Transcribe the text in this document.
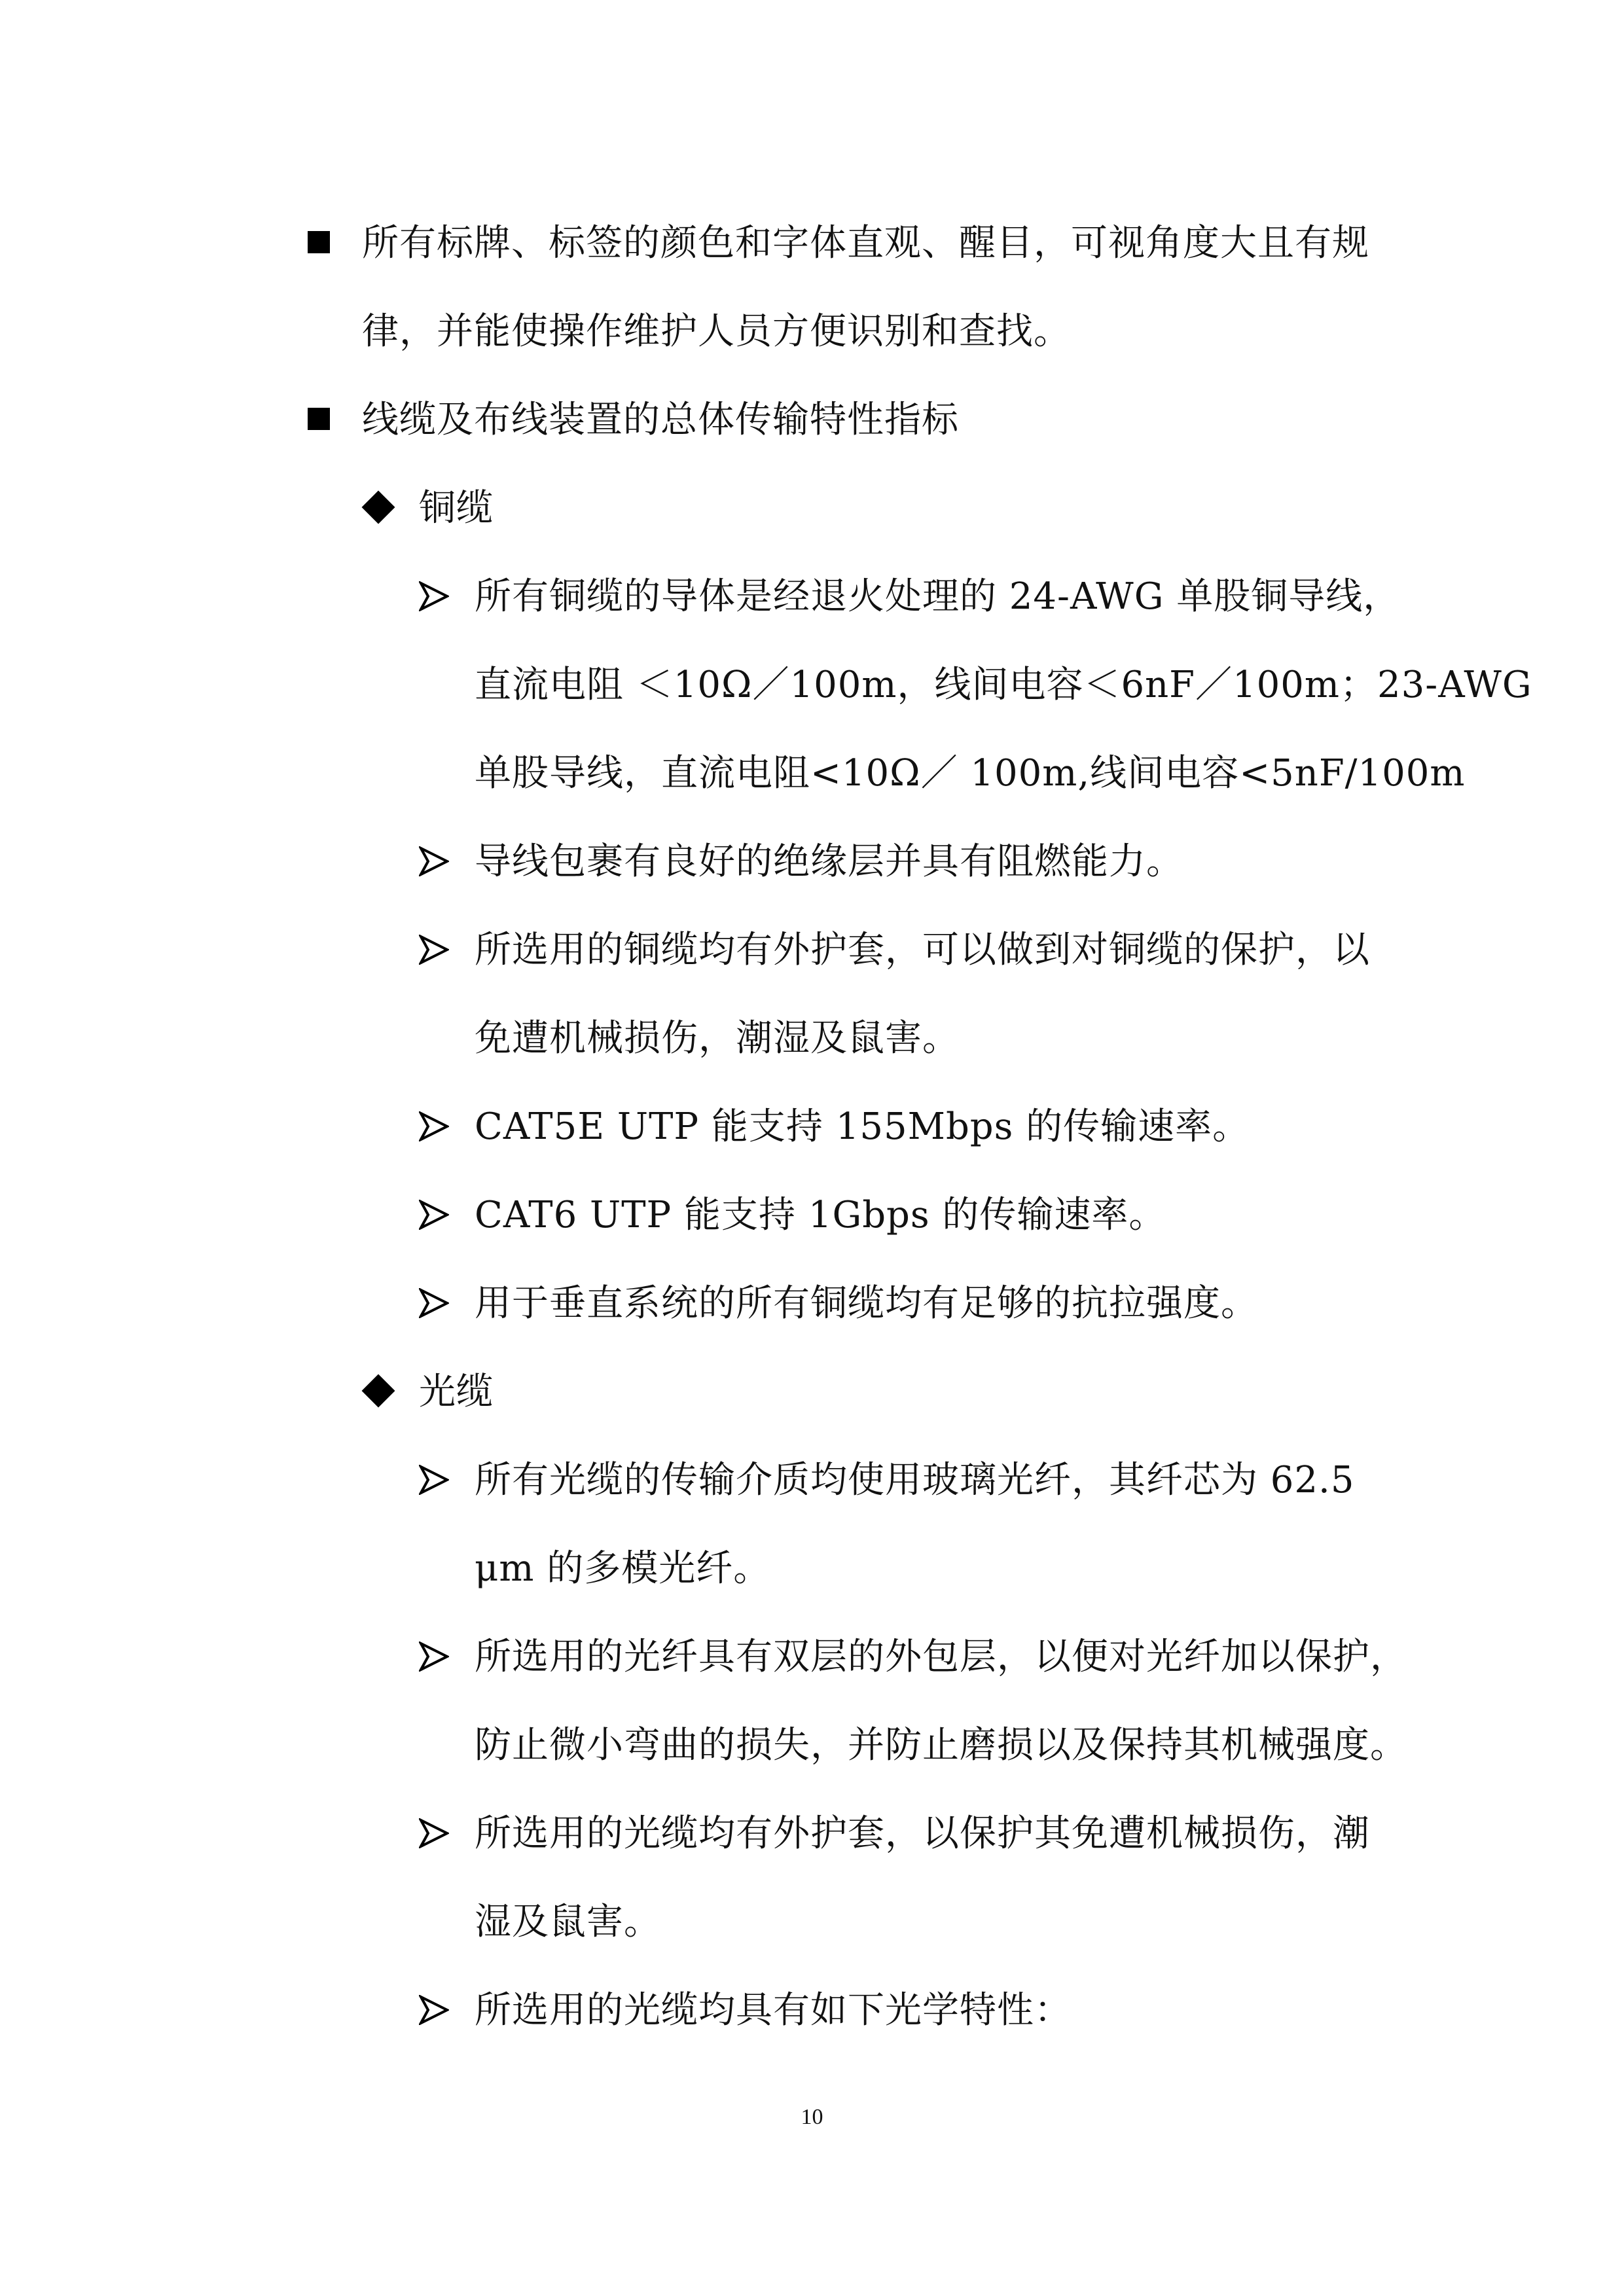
所有标牌、标签的颜色和字体直观、醒目，可视角度大且有规
律，并能使操作维护人员方便识别和查找。
线缆及布线装置的总体传输特性指标
铜缆
所有铜缆的导体是经退火处理的 24-AWG 单股铜导线，
直流电阻 ＜10Ω／100m，线间电容＜6nF／100m；23-AWG
单股导线，直流电阻<10Ω／ 100m,线间电容<5nF/100m
导线包裹有良好的绝缘层并具有阻燃能力。
所选用的铜缆均有外护套，可以做到对铜缆的保护，以
免遭机械损伤，潮湿及鼠害。
CAT5E UTP 能支持 155Mbps 的传输速率。
CAT6 UTP 能支持 1Gbps 的传输速率。
用于垂直系统的所有铜缆均有足够的抗拉强度。
光缆
所有光缆的传输介质均使用玻璃光纤，其纤芯为 62.5
μm 的多模光纤。
所选用的光纤具有双层的外包层，以便对光纤加以保护，
防止微小弯曲的损失，并防止磨损以及保持其机械强度。
所选用的光缆均有外护套，以保护其免遭机械损伤，潮
湿及鼠害。
所选用的光缆均具有如下光学特性：
10
